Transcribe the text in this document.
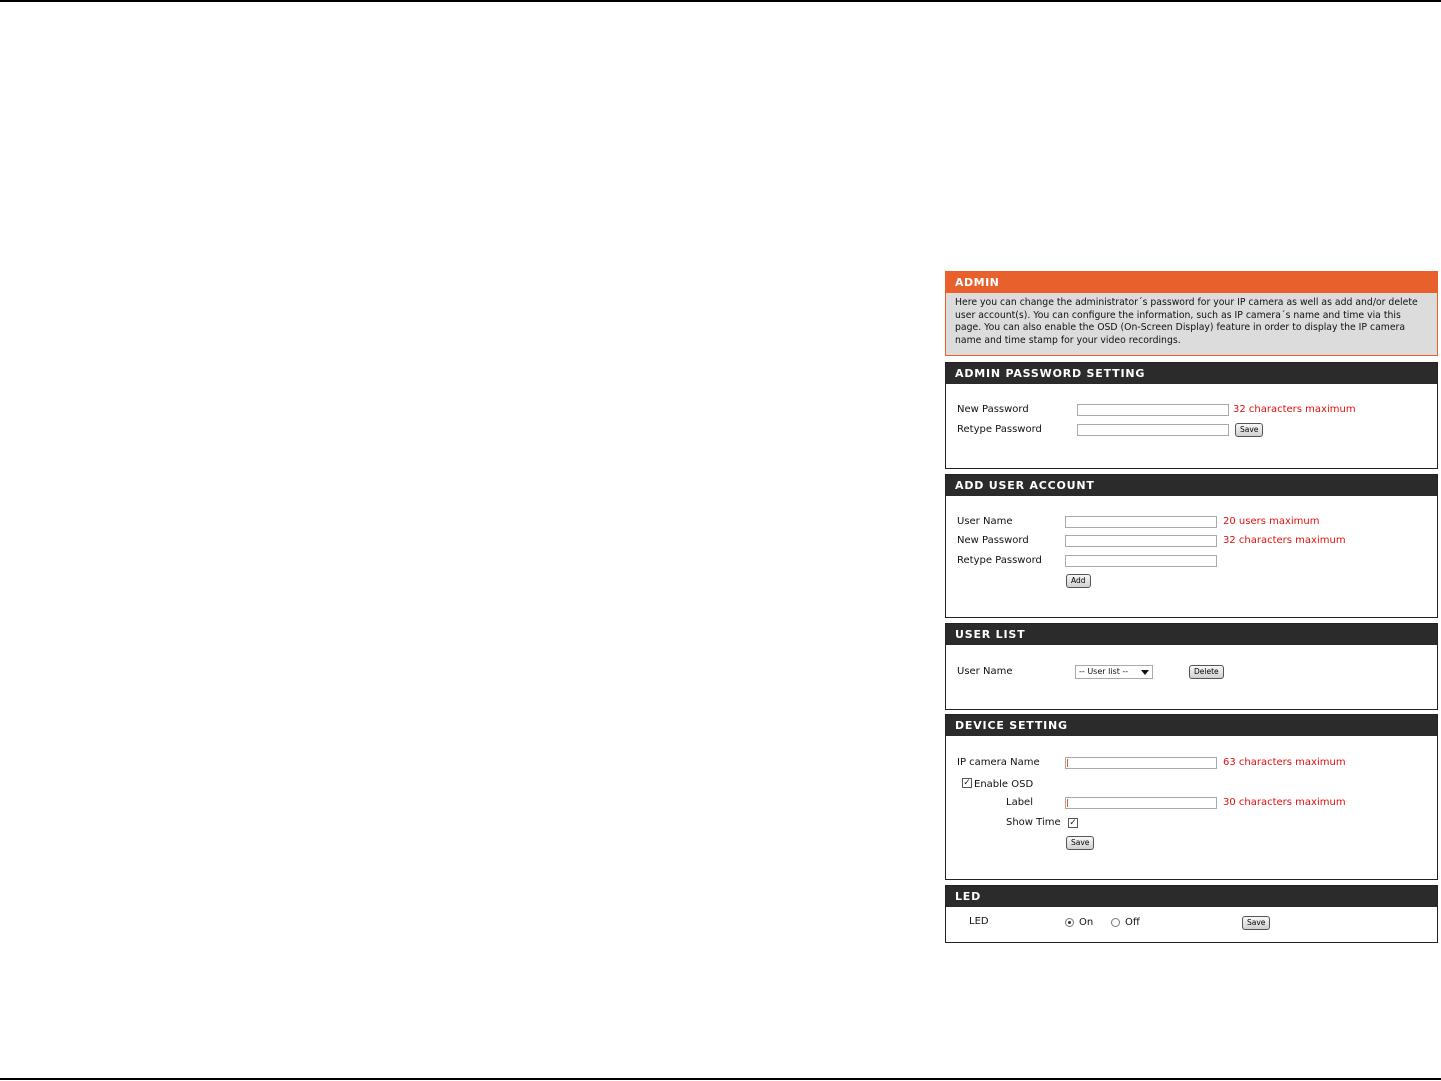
ADMIN
Here you can change the administrator´s password for your IP camera as well as add and/or delete user account(s). You can configure the information, such as IP camera´s name and time via this page. You can also enable the OSD (On-Screen Display) feature in order to display the IP camera name and time stamp for your video recordings.
ADMIN PASSWORD SETTING
New Password	32 characters maximum
Retype Password	Save
ADD USER ACCOUNT
User Name	20 users maximum
New Password	32 characters maximum
Retype Password
Add
USER LIST
User Name	-- User list --	Delete
DEVICE SETTING
IP camera Name	63 characters maximum
✓ Enable OSD
Label	30 characters maximum
Show Time ✓
Save
LED
LED	On	Off	Save
